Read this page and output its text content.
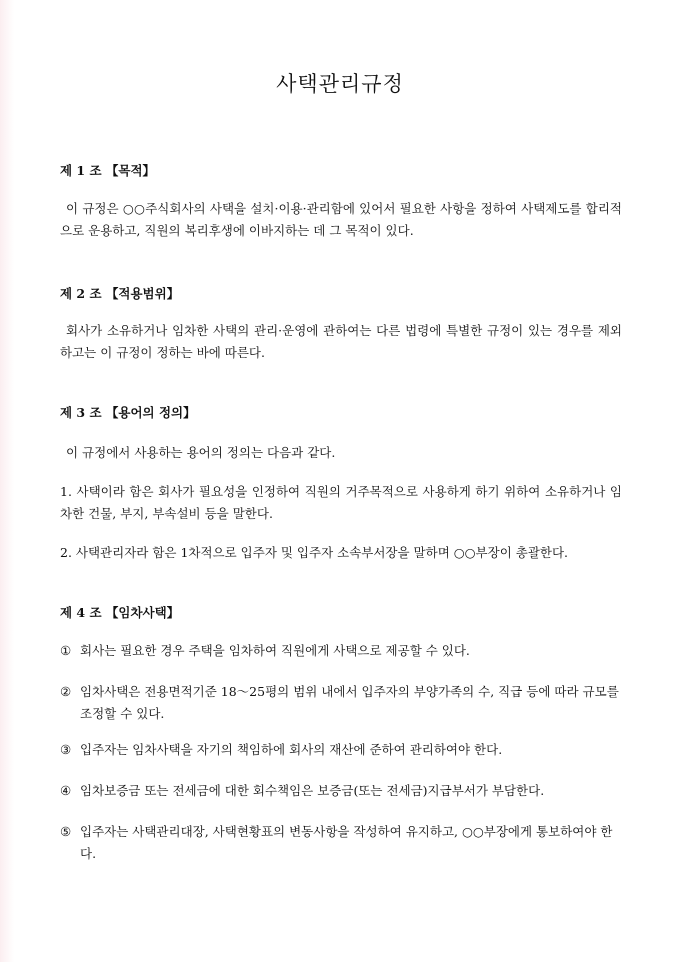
사택관리규정
제 1 조 【목적】
이 규정은 ○○주식회사의 사택을 설치·이용·관리함에 있어서 필요한 사항을 정하여 사택제도를 합리적으로 운용하고, 직원의 복리후생에 이바지하는 데 그 목적이 있다.
제 2 조 【적용범위】
회사가 소유하거나 임차한 사택의 관리·운영에 관하여는 다른 법령에 특별한 규정이 있는 경우를 제외하고는 이 규정이 정하는 바에 따른다.
제 3 조 【용어의 정의】
이 규정에서 사용하는 용어의 정의는 다음과 같다.
1. 사택이라 함은 회사가 필요성을 인정하여 직원의 거주목적으로 사용하게 하기 위하여 소유하거나 임차한 건물, 부지, 부속설비 등을 말한다.
2. 사택관리자라 함은 1차적으로 입주자 및 입주자 소속부서장을 말하며 ○○부장이 총괄한다.
제 4 조 【임차사택】
① 회사는 필요한 경우 주택을 임차하여 직원에게 사택으로 제공할 수 있다.
② 임차사택은 전용면적기준 18～25평의 범위 내에서 입주자의 부양가족의 수, 직급 등에 따라 규모를 조정할 수 있다.
③ 입주자는 임차사택을 자기의 책임하에 회사의 재산에 준하여 관리하여야 한다.
④ 임차보증금 또는 전세금에 대한 회수책임은 보증금(또는 전세금)지급부서가 부담한다.
⑤ 입주자는 사택관리대장, 사택현황표의 변동사항을 작성하여 유지하고, ○○부장에게 통보하여야 한다.
